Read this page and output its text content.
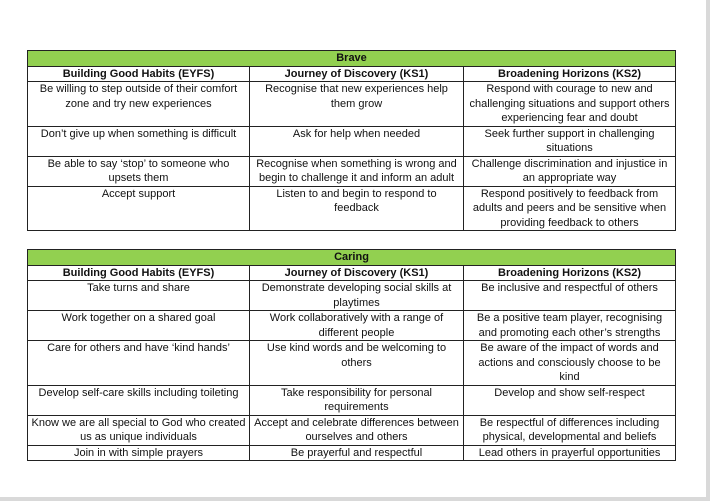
Brave		
Building Good Habits (EYFS)	Journey of Discovery (KS1)	Broadening Horizons (KS2)
Be willing to step outside of their comfort zone and try new experiences	Recognise that new experiences help them grow	Respond with courage to new and challenging situations and support others experiencing fear and doubt
Don’t give up when something is difficult	Ask for help when needed	Seek further support in challenging situations
Be able to say ‘stop’ to someone who upsets them	Recognise when something is wrong and begin to challenge it and inform an adult	Challenge discrimination and injustice in an appropriate way
Accept support	Listen to and begin to respond to feedback	Respond positively to feedback from adults and peers and be sensitive when providing feedback to others
Caring		
Building Good Habits (EYFS)	Journey of Discovery (KS1)	Broadening Horizons (KS2)
Take turns and share	Demonstrate developing social skills at playtimes	Be inclusive and respectful of others
Work together on a shared goal	Work collaboratively with a range of different people	Be a positive team player, recognising and promoting each other’s strengths
Care for others and have ‘kind hands’	Use kind words and be welcoming to others	Be aware of the impact of words and actions and consciously choose to be kind
Develop self-care skills including toileting	Take responsibility for personal requirements	Develop and show self-respect
Know we are all special to God who created us as unique individuals	Accept and celebrate differences between ourselves and others	Be respectful of differences including physical, developmental and beliefs
Join in with simple prayers	Be prayerful and respectful	Lead others in prayerful opportunities
